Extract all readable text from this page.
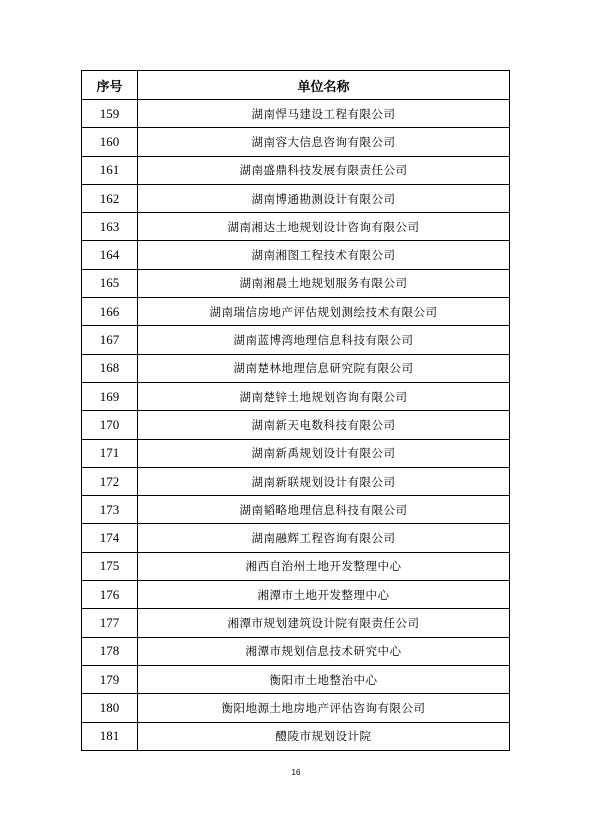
序号	单位名称
159	湖南悍马建设工程有限公司
160	湖南容大信息咨询有限公司
161	湖南盛鼎科技发展有限责任公司
162	湖南博通勘测设计有限公司
163	湖南湘达土地规划设计咨询有限公司
164	湖南湘图工程技术有限公司
165	湖南湘晨土地规划服务有限公司
166	湖南瑞信房地产评估规划测绘技术有限公司
167	湖南蓝博湾地理信息科技有限公司
168	湖南楚林地理信息研究院有限公司
169	湖南楚锌土地规划咨询有限公司
170	湖南新天电数科技有限公司
171	湖南新禹规划设计有限公司
172	湖南新联规划设计有限公司
173	湖南韬略地理信息科技有限公司
174	湖南融辉工程咨询有限公司
175	湘西自治州土地开发整理中心
176	湘潭市土地开发整理中心
177	湘潭市规划建筑设计院有限责任公司
178	湘潭市规划信息技术研究中心
179	衡阳市土地整治中心
180	衡阳地源土地房地产评估咨询有限公司
181	醴陵市规划设计院
16
